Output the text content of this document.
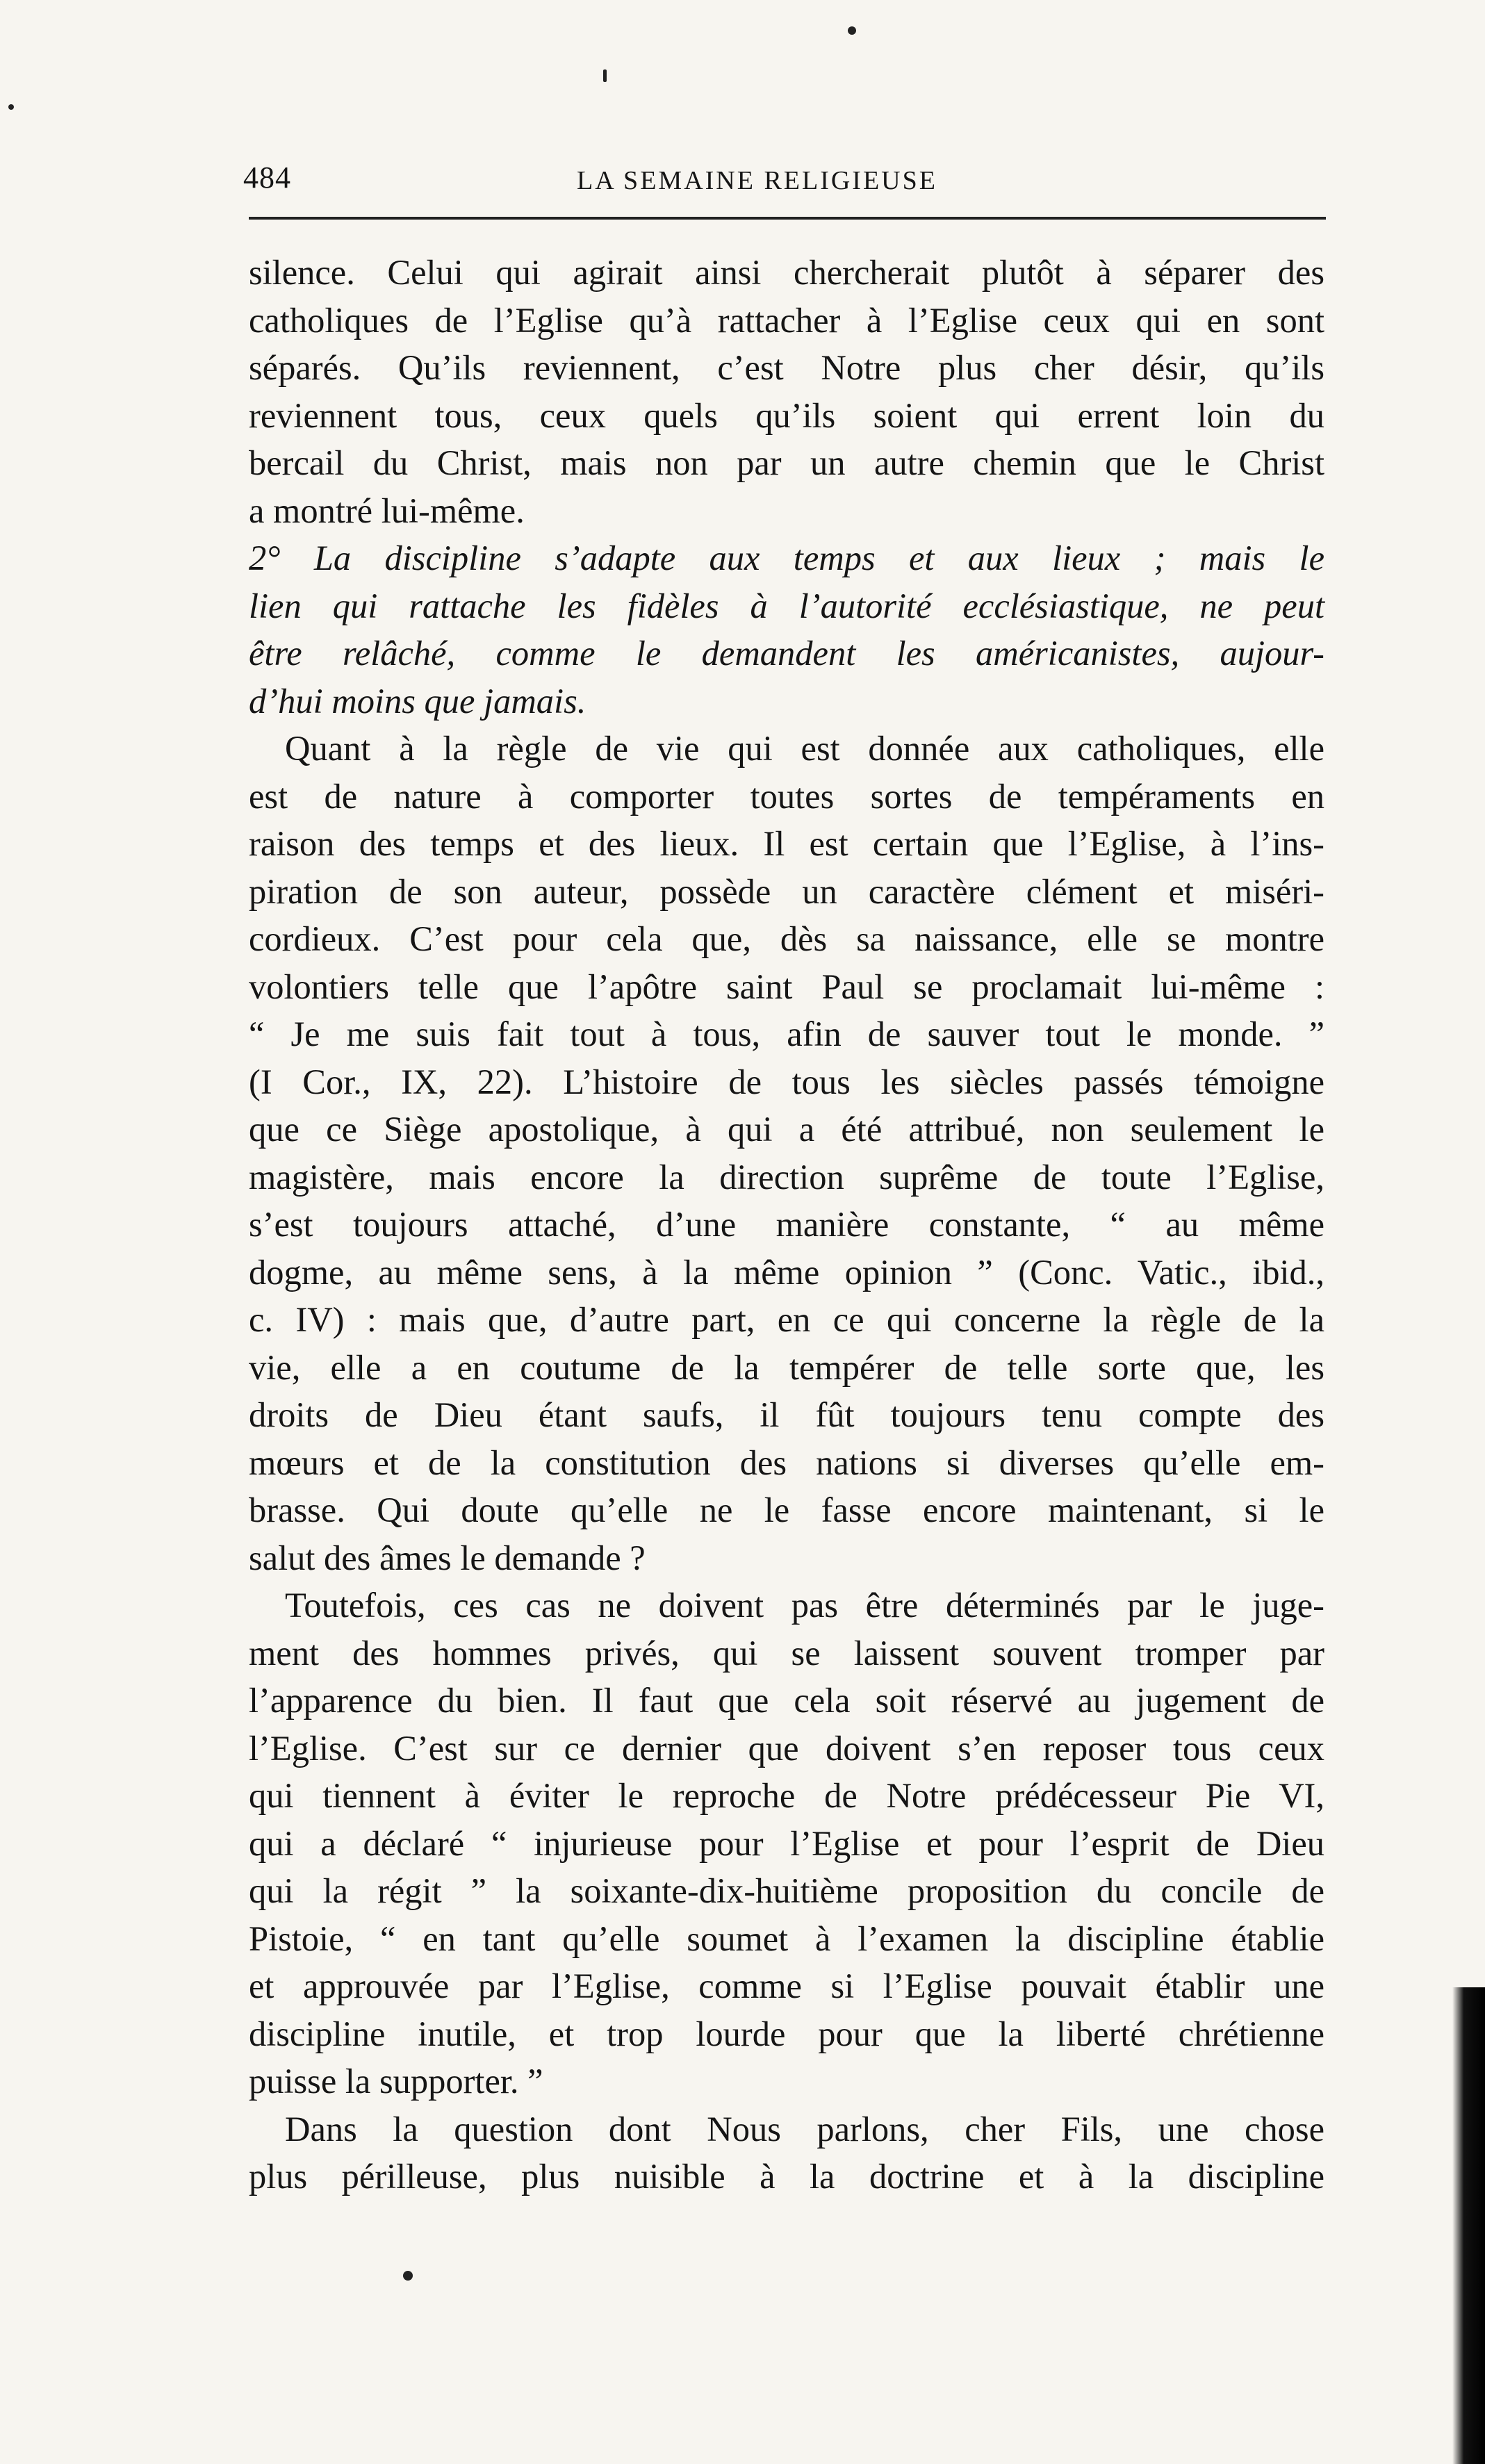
484	LA SEMAINE RELIGIEUSE
silence. Celui qui agirait ainsi chercherait plutôt à séparer des
catholiques de l’Eglise qu’à rattacher à l’Eglise ceux qui en sont
séparés. Qu’ils reviennent, c’est Notre plus cher désir, qu’ils
reviennent tous, ceux quels qu’ils soient qui errent loin du
bercail du Christ, mais non par un autre chemin que le Christ
a montré lui-même.
2° La discipline s’adapte aux temps et aux lieux ; mais le
lien qui rattache les fidèles à l’autorité ecclésiastique, ne peut
être relâché, comme le demandent les américanistes, aujour-
d’hui moins que jamais.
Quant à la règle de vie qui est donnée aux catholiques, elle
est de nature à comporter toutes sortes de tempéraments en
raison des temps et des lieux. Il est certain que l’Eglise, à l’ins-
piration de son auteur, possède un caractère clément et miséri-
cordieux. C’est pour cela que, dès sa naissance, elle se montre
volontiers telle que l’apôtre saint Paul se proclamait lui-même :
“ Je me suis fait tout à tous, afin de sauver tout le monde. ”
(I Cor., IX, 22). L’histoire de tous les siècles passés témoigne
que ce Siège apostolique, à qui a été attribué, non seulement le
magistère, mais encore la direction suprême de toute l’Eglise,
s’est toujours attaché, d’une manière constante, “ au même
dogme, au même sens, à la même opinion ” (Conc. Vatic., ibid.,
c. IV) : mais que, d’autre part, en ce qui concerne la règle de la
vie, elle a en coutume de la tempérer de telle sorte que, les
droits de Dieu étant saufs, il fût toujours tenu compte des
mœurs et de la constitution des nations si diverses qu’elle em-
brasse. Qui doute qu’elle ne le fasse encore maintenant, si le
salut des âmes le demande ?
Toutefois, ces cas ne doivent pas être déterminés par le juge-
ment des hommes privés, qui se laissent souvent tromper par
l’apparence du bien. Il faut que cela soit réservé au jugement de
l’Eglise. C’est sur ce dernier que doivent s’en reposer tous ceux
qui tiennent à éviter le reproche de Notre prédécesseur Pie VI,
qui a déclaré “ injurieuse pour l’Eglise et pour l’esprit de Dieu
qui la régit ” la soixante-dix-huitième proposition du concile de
Pistoie, “ en tant qu’elle soumet à l’examen la discipline établie
et approuvée par l’Eglise, comme si l’Eglise pouvait établir une
discipline inutile, et trop lourde pour que la liberté chrétienne
puisse la supporter. ”
Dans la question dont Nous parlons, cher Fils, une chose
plus périlleuse, plus nuisible à la doctrine et à la discipline
